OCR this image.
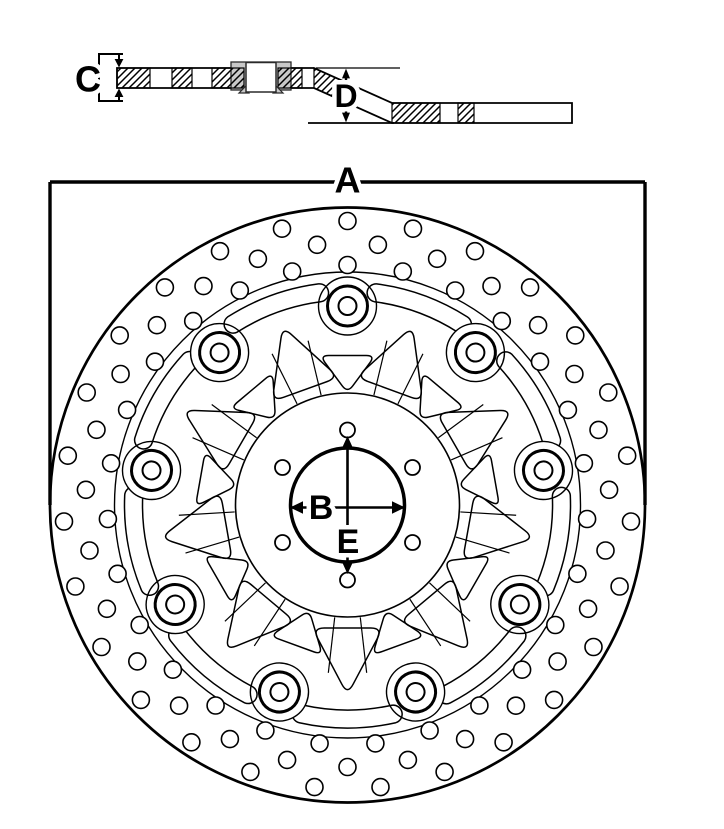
C	D
A
B
E
